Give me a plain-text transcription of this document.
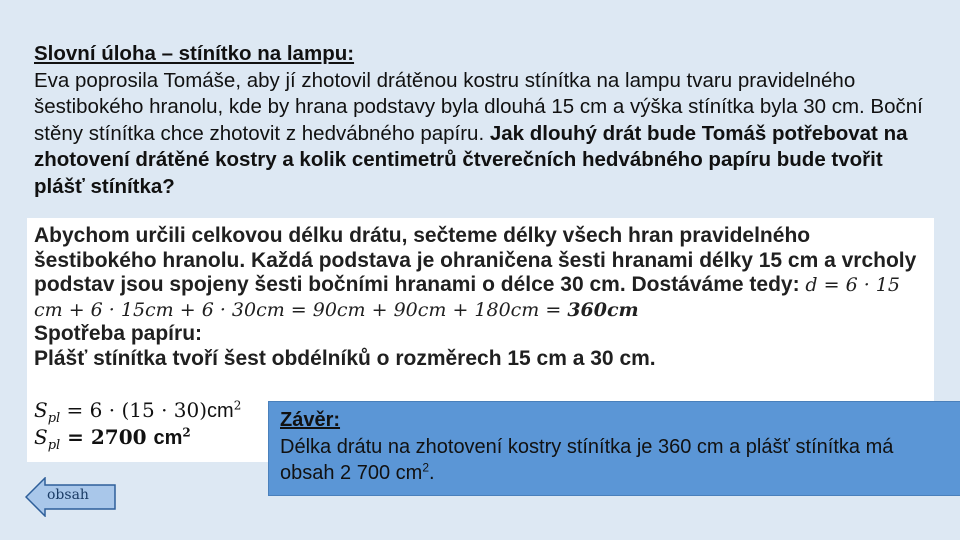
Slovní úloha – stínítko na lampu:
Eva poprosila Tomáše, aby jí zhotovil drátěnou kostru stínítka na lampu tvaru pravidelného šestibokého hranolu, kde by hrana podstavy byla dlouhá 15 cm a výška stínítka byla 30 cm. Boční stěny stínítka chce zhotovit z hedvábného papíru. Jak dlouhý drát bude Tomáš potřebovat na zhotovení drátěné kostry a kolik centimetrů čtverečních hedvábného papíru bude tvořit plášť stínítka?
Abychom určili celkovou délku drátu, sečteme délky všech hran pravidelného šestibokého hranolu. Každá podstava je ohraničena šesti hranami délky 15 cm a vrcholy podstav jsou spojeny šesti bočními hranami o délce 30 cm. Dostáváme tedy: d = 6 · 15 cm + 6 · 15cm + 6 · 30cm = 90cm + 90cm + 180cm = 360cm
Spotřeba papíru:
Plášť stínítka tvoří šest obdélníků o rozměrech 15 cm a 30 cm.
$S_{pl} = 6 \cdot (15 \cdot 30)cm^2$
$S_{pl} = 2700$ $cm^2$
Závěr:
Délka drátu na zhotovení kostry stínítka je 360 cm a plášť stínítka má obsah 2 700 $cm^2$.
obsah
